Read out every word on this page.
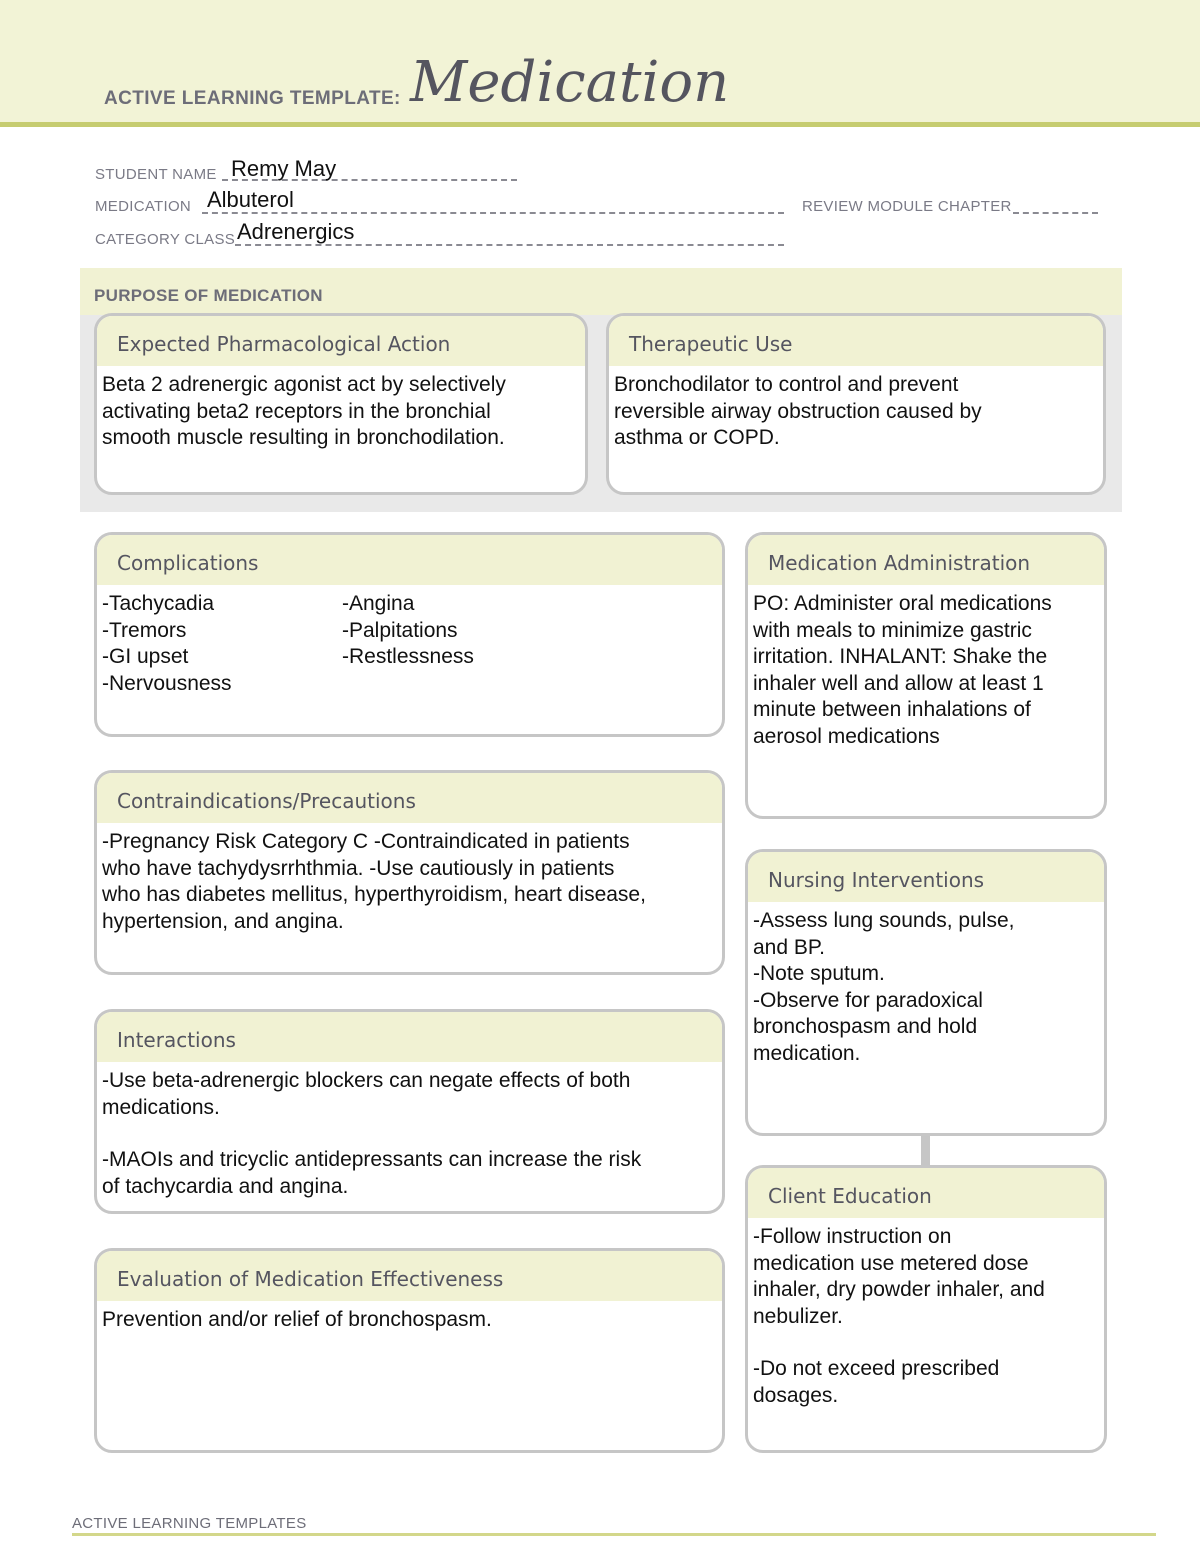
ACTIVE LEARNING TEMPLATE: Medication
STUDENT NAME Remy May
MEDICATION Albuterol	REVIEW MODULE CHAPTER
CATEGORY CLASS Adrenergics
PURPOSE OF MEDICATION
Expected Pharmacological Action

Beta 2 adrenergic agonist act by selectively
activating beta2 receptors in the bronchial
smooth muscle resulting in bronchodilation.

Therapeutic Use

Bronchodilator to control and prevent
reversible airway obstruction caused by
asthma or COPD.

Complications
-Tachycadia
-Tremors
-GI upset
-Nervousness
-Angina
-Palpitations
-Restlessness
Contraindications/Precautions

-Pregnancy Risk Category C -Contraindicated in patients
who have tachydysrrhthmia. -Use cautiously in patients
who has diabetes mellitus, hyperthyroidism, heart disease,
hypertension, and angina.

Interactions

-Use beta-adrenergic blockers can negate effects of both
medications.

-MAOIs and tricyclic antidepressants can increase the risk
of tachycardia and angina.

Evaluation of Medication Effectiveness

Prevention and/or relief of bronchospasm.

Medication Administration

PO: Administer oral medications
with meals to minimize gastric
irritation. INHALANT: Shake the
inhaler well and allow at least 1
minute between inhalations of
aerosol medications

Nursing Interventions

-Assess lung sounds, pulse,
and BP.
-Note sputum.
-Observe for paradoxical
bronchospasm and hold
medication.

Client Education

-Follow instruction on
medication use metered dose
inhaler, dry powder inhaler, and
nebulizer.

-Do not exceed prescribed
dosages.

ACTIVE LEARNING TEMPLATES
